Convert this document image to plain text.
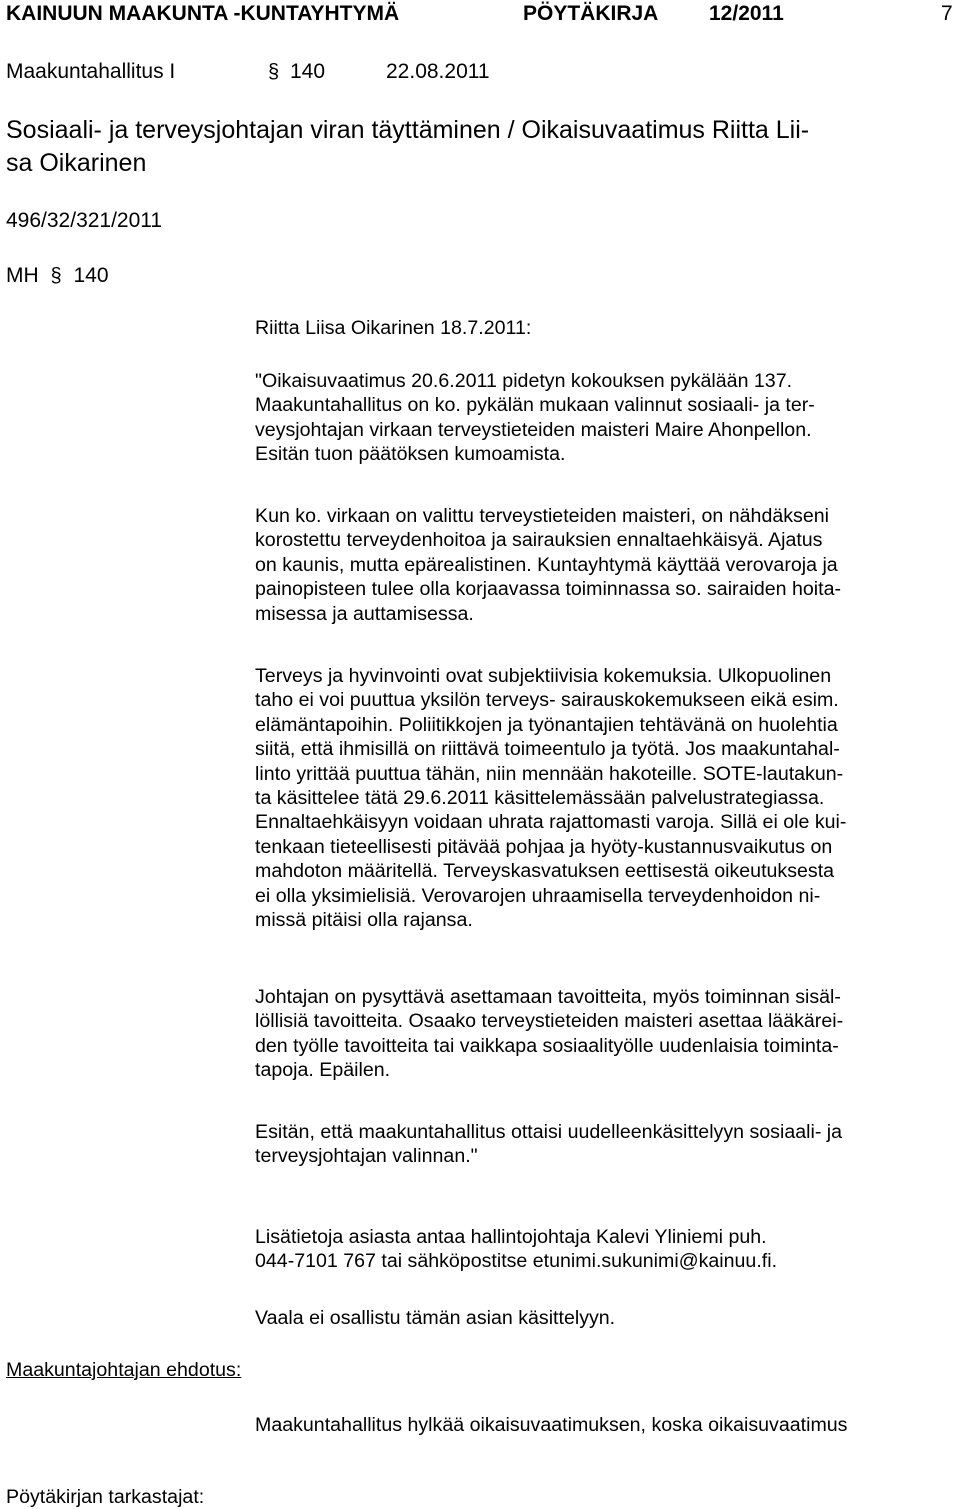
KAINUUN MAAKUNTA -KUNTAYHTYMÄ	PÖYTÄKIRJA 12/2011	7
Maakuntahallitus I	§ 140	22.08.2011
Sosiaali- ja terveysjohtajan viran täyttäminen / Oikaisuvaatimus Riitta Lii-
sa Oikarinen
496/32/321/2011
MH § 140

Riitta Liisa Oikarinen 18.7.2011:

"Oikaisuvaatimus 20.6.2011 pidetyn kokouksen pykälään 137.

Maakuntahallitus on ko. pykälän mukaan valinnut sosiaali- ja ter-

veysjohtajan virkaan terveystieteiden maisteri Maire Ahonpellon.

Esitän tuon päätöksen kumoamista.

Kun ko. virkaan on valittu terveystieteiden maisteri, on nähdäkseni

korostettu terveydenhoitoa ja sairauksien ennaltaehkäisyä. Ajatus

on kaunis, mutta epärealistinen. Kuntayhtymä käyttää verovaroja ja

painopisteen tulee olla korjaavassa toiminnassa so. sairaiden hoita-

misessa ja auttamisessa.

Terveys ja hyvinvointi ovat subjektiivisia kokemuksia. Ulkopuolinen

taho ei voi puuttua yksilön terveys- sairauskokemukseen eikä esim.

elämäntapoihin. Poliitikkojen ja työnantajien tehtävänä on huolehtia

siitä, että ihmisillä on riittävä toimeentulo ja työtä. Jos maakuntahal-

linto yrittää puuttua tähän, niin mennään hakoteille. SOTE-lautakun-

ta käsittelee tätä 29.6.2011 käsittelemässään palvelustrategiassa.

Ennaltaehkäisyyn voidaan uhrata rajattomasti varoja. Sillä ei ole kui-

tenkaan tieteellisesti pitävää pohjaa ja hyöty-kustannusvaikutus on

mahdoton määritellä. Terveyskasvatuksen eettisestä oikeutuksesta

ei olla yksimielisiä. Verovarojen uhraamisella terveydenhoidon ni-

missä pitäisi olla rajansa.

Johtajan on pysyttävä asettamaan tavoitteita, myös toiminnan sisäl-

löllisiä tavoitteita. Osaako terveystieteiden maisteri asettaa lääkärei-

den työlle tavoitteita tai vaikkapa sosiaalityölle uudenlaisia toiminta-

tapoja. Epäilen.

Esitän, että maakuntahallitus ottaisi uudelleenkäsittelyyn sosiaali- ja

terveysjohtajan valinnan."

Lisätietoja asiasta antaa hallintojohtaja Kalevi Yliniemi puh.

044-7101 767 tai sähköpostitse etunimi.sukunimi@kainuu.fi.

Vaala ei osallistu tämän asian käsittelyyn.

Maakuntajohtajan ehdotus:

Maakuntahallitus hylkää oikaisuvaatimuksen, koska oikaisuvaatimus

Pöytäkirjan tarkastajat:
